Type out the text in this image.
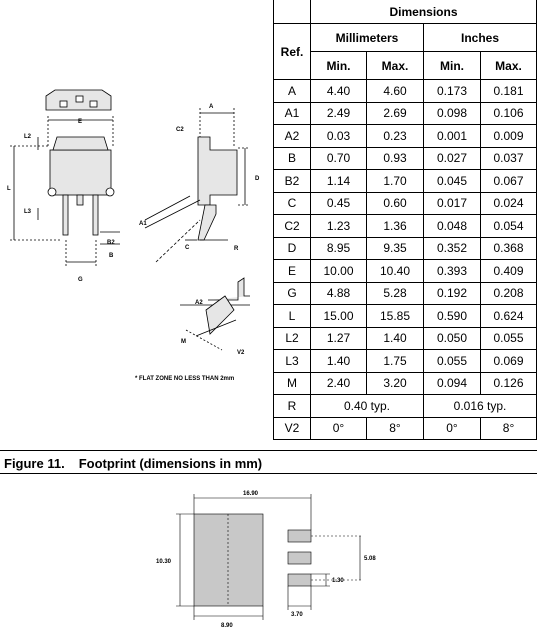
E
L2
L
L3
B2
B
G
A
C2
D
A1
C	R
A2
M
V2
* FLAT ZONE NO LESS THAN 2mm
	Dimensions			
Ref.	Millimeters		Inches	
	Min.	Max.	Min.	Max.
A	4.40	4.60	0.173	0.181
A1	2.49	2.69	0.098	0.106
A2	0.03	0.23	0.001	0.009
B	0.70	0.93	0.027	0.037
B2	1.14	1.70	0.045	0.067
C	0.45	0.60	0.017	0.024
C2	1.23	1.36	0.048	0.054
D	8.95	9.35	0.352	0.368
E	10.00	10.40	0.393	0.409
G	4.88	5.28	0.192	0.208
L	15.00	15.85	0.590	0.624
L2	1.27	1.40	0.050	0.055
L3	1.40	1.75	0.055	0.069
M	2.40	3.20	0.094	0.126
R	0.40 typ.		0.016 typ.	
V2	0°	8°	0°	8°
Figure 11. Footprint (dimensions in mm)
16.90
10.30
8.90
5.08
1.30
3.70
